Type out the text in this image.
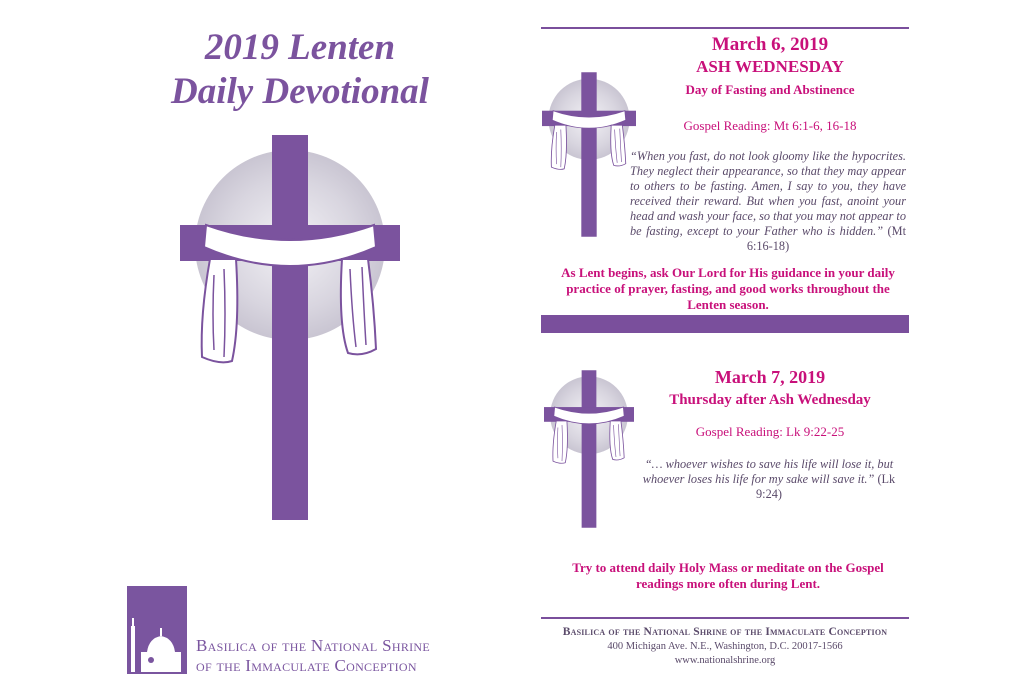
2019 Lenten
Daily Devotional
Basilica of the National Shrine
of the Immaculate Conception
March 6, 2019
ASH WEDNESDAY
Day of Fasting and Abstinence
Gospel Reading: Mt 6:1-6, 16-18
“When you fast, do not look gloomy like the hypocrites. They neglect their appearance, so that they may appear to others to be fasting. Amen, I say to you, they have received their reward. But when you fast, anoint your head and wash your face, so that you may not appear to be fasting, except to your Father who is hidden.” (Mt 6:16-18)
As Lent begins, ask Our Lord for His guidance in your daily practice of prayer, fasting, and good works throughout the Lenten season.
March 7, 2019
Thursday after Ash Wednesday
Gospel Reading: Lk 9:22-25
“… whoever wishes to save his life will lose it, but whoever loses his life for my sake will save it.” (Lk 9:24)
Try to attend daily Holy Mass or meditate on the Gospel readings more often during Lent.
Basilica of the National Shrine of the Immaculate Conception
400 Michigan Ave. N.E., Washington, D.C. 20017-1566
www.nationalshrine.org
